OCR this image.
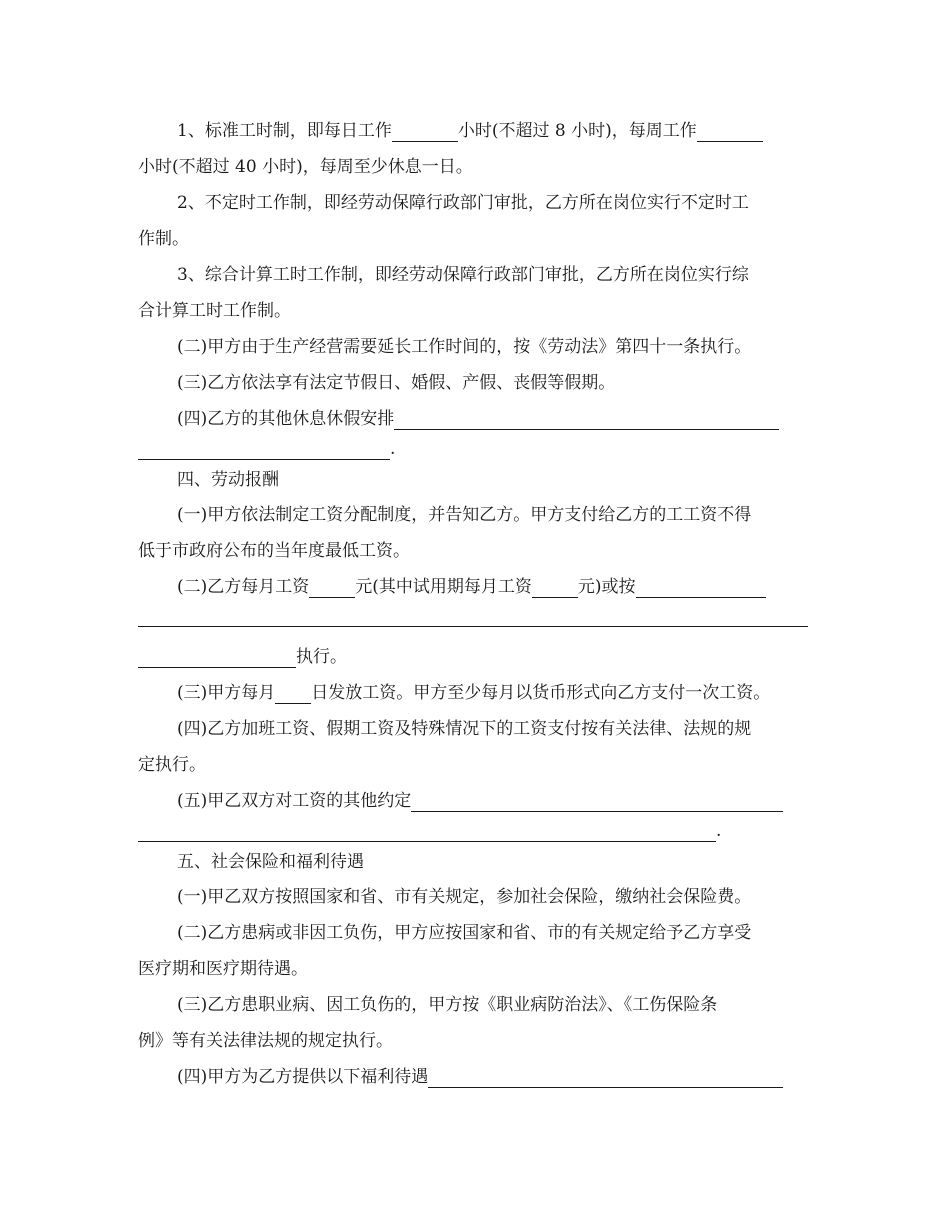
1、标准工时制，即每日工作	小时(不超过 8 小时)，每周工作
小时(不超过 40 小时)，每周至少休息一日。
2、不定时工作制，即经劳动保障行政部门审批，乙方所在岗位实行不定时工
作制。
3、综合计算工时工作制，即经劳动保障行政部门审批，乙方所在岗位实行综
合计算工时工作制。
(二)甲方由于生产经营需要延长工作时间的，按《劳动法》第四十一条执行。
(三)乙方依法享有法定节假日、婚假、产假、丧假等假期。
(四)乙方的其他休息休假安排
.
四、劳动报酬
(一)甲方依法制定工资分配制度，并告知乙方。甲方支付给乙方的工工资不得
低于市政府公布的当年度最低工资。
(二)乙方每月工资	元(其中试用期每月工资	元)或按
执行。
(三)甲方每月 日发放工资。甲方至少每月以货币形式向乙方支付一次工资。
(四)乙方加班工资、假期工资及特殊情况下的工资支付按有关法律、法规的规
定执行。
(五)甲乙双方对工资的其他约定
.
五、社会保险和福利待遇
(一)甲乙双方按照国家和省、市有关规定，参加社会保险，缴纳社会保险费。
(二)乙方患病或非因工负伤，甲方应按国家和省、市的有关规定给予乙方享受
医疗期和医疗期待遇。
(三)乙方患职业病、因工负伤的，甲方按《职业病防治法》、《工伤保险条
例》等有关法律法规的规定执行。
(四)甲方为乙方提供以下福利待遇
